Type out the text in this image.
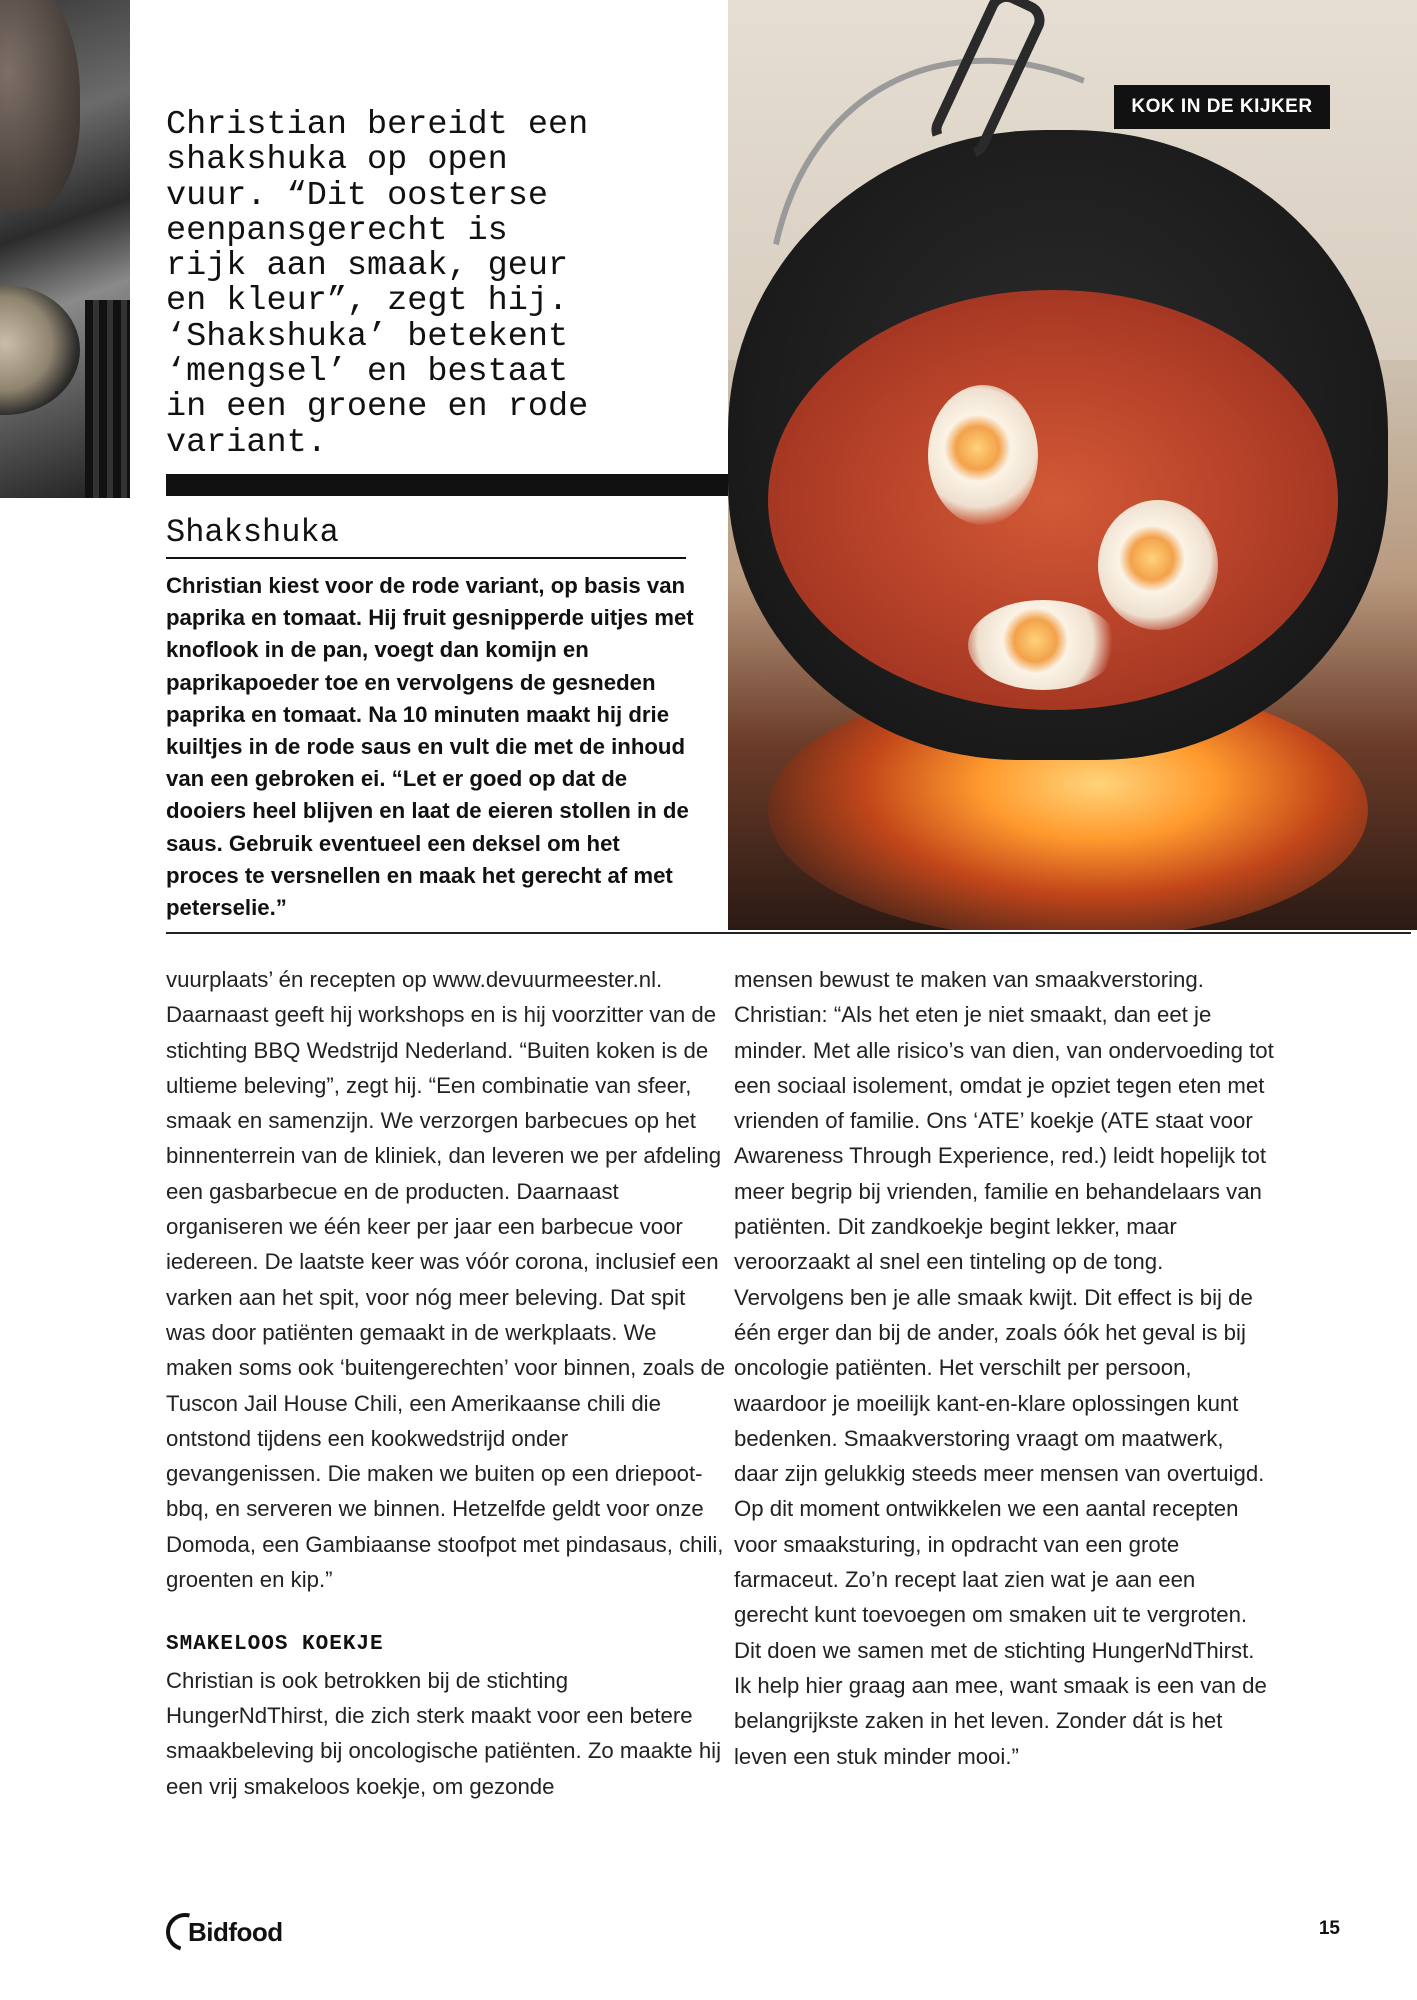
KOK IN DE KIJKER
Christian bereidt een
shakshuka op open
vuur. “Dit oosterse
eenpansgerecht is
rijk aan smaak, geur
en kleur”, zegt hij.
‘Shakshuka’ betekent
‘mengsel’ en bestaat
in een groene en rode
variant.
Shakshuka
Christian kiest voor de rode variant, op basis van paprika en tomaat. Hij fruit gesnipperde uitjes met knoflook in de pan, voegt dan komijn en paprikapoeder toe en vervolgens de gesneden paprika en tomaat. Na 10 minuten maakt hij drie kuiltjes in de rode saus en vult die met de inhoud van een gebroken ei. “Let er goed op dat de dooiers heel blijven en laat de eieren stollen in de saus. Gebruik eventueel een deksel om het proces te versnellen en maak het gerecht af met peterselie.”

vuurplaats’ én recepten op www.devuurmeester.nl. Daarnaast geeft hij workshops en is hij voorzitter van de stichting BBQ Wedstrijd Nederland. “Buiten koken is de ultieme beleving”, zegt hij. “Een combinatie van sfeer, smaak en samenzijn. We verzorgen barbecues op het binnenterrein van de kliniek, dan leveren we per afdeling een gasbarbecue en de producten. Daarnaast organiseren we één keer per jaar een barbecue voor iedereen. De laatste keer was vóór corona, inclusief een varken aan het spit, voor nóg meer beleving. Dat spit was door patiënten gemaakt in de werkplaats. We maken soms ook ‘buitengerechten’ voor binnen, zoals de Tuscon Jail House Chili, een Amerikaanse chili die ontstond tijdens een kookwedstrijd onder gevangenissen. Die maken we buiten op een driepoot-bbq, en serveren we binnen. Hetzelfde geldt voor onze Domoda, een Gambiaanse stoofpot met pindasaus, chili, groenten en kip.”

SMAKELOOS KOEKJE

Christian is ook betrokken bij de stichting HungerNdThirst, die zich sterk maakt voor een betere smaakbeleving bij oncologische patiënten. Zo maakte hij een vrij smakeloos koekje, om gezonde

mensen bewust te maken van smaakverstoring. Christian: “Als het eten je niet smaakt, dan eet je minder. Met alle risico’s van dien, van ondervoeding tot een sociaal isolement, omdat je opziet tegen eten met vrienden of familie. Ons ‘ATE’ koekje (ATE staat voor Awareness Through Experience, red.) leidt hopelijk tot meer begrip bij vrienden, familie en behandelaars van patiënten. Dit zandkoekje begint lekker, maar veroorzaakt al snel een tinteling op de tong. Vervolgens ben je alle smaak kwijt. Dit effect is bij de één erger dan bij de ander, zoals óók het geval is bij oncologie patiënten. Het verschilt per persoon, waardoor je moeilijk kant-en-klare oplossingen kunt bedenken. Smaakverstoring vraagt om maatwerk, daar zijn gelukkig steeds meer mensen van overtuigd. Op dit moment ontwikkelen we een aantal recepten voor smaaksturing, in opdracht van een grote farmaceut. Zo’n recept laat zien wat je aan een gerecht kunt toevoegen om smaken uit te vergroten. Dit doen we samen met de stichting HungerNdThirst. Ik help hier graag aan mee, want smaak is een van de belangrijkste zaken in het leven. Zonder dát is het leven een stuk minder mooi.”

Bidfood	15
